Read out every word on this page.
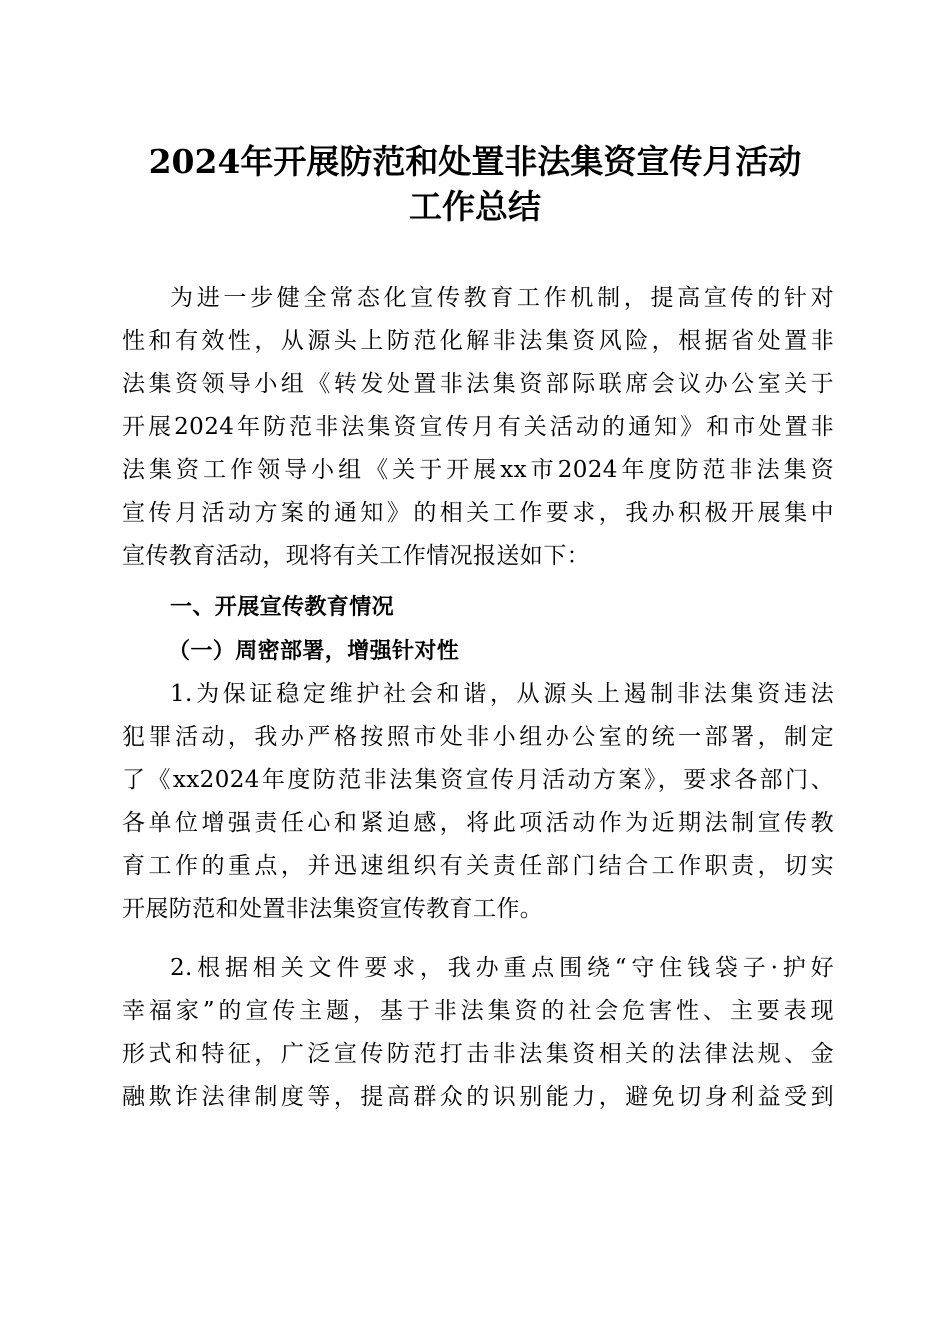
2024年开展防范和处置非法集资宣传月活动
工作总结
为进一步健全常态化宣传教育工作机制，提高宣传的针对
性和有效性，从源头上防范化解非法集资风险，根据省处置非
法集资领导小组《转发处置非法集资部际联席会议办公室关于
开展2024年防范非法集资宣传月有关活动的通知》和市处置非
法集资工作领导小组《关于开展xx市2024年度防范非法集资
宣传月活动方案的通知》的相关工作要求，我办积极开展集中
宣传教育活动，现将有关工作情况报送如下：
一、开展宣传教育情况
（一）周密部署，增强针对性
1.为保证稳定维护社会和谐，从源头上遏制非法集资违法
犯罪活动，我办严格按照市处非小组办公室的统一部署，制定
了《xx2024年度防范非法集资宣传月活动方案》，要求各部门、
各单位增强责任心和紧迫感，将此项活动作为近期法制宣传教
育工作的重点，并迅速组织有关责任部门结合工作职责，切实
开展防范和处置非法集资宣传教育工作。
2.根据相关文件要求，我办重点围绕“守住钱袋子·护好
幸福家”的宣传主题，基于非法集资的社会危害性、主要表现
形式和特征，广泛宣传防范打击非法集资相关的法律法规、金
融欺诈法律制度等，提高群众的识别能力，避免切身利益受到
